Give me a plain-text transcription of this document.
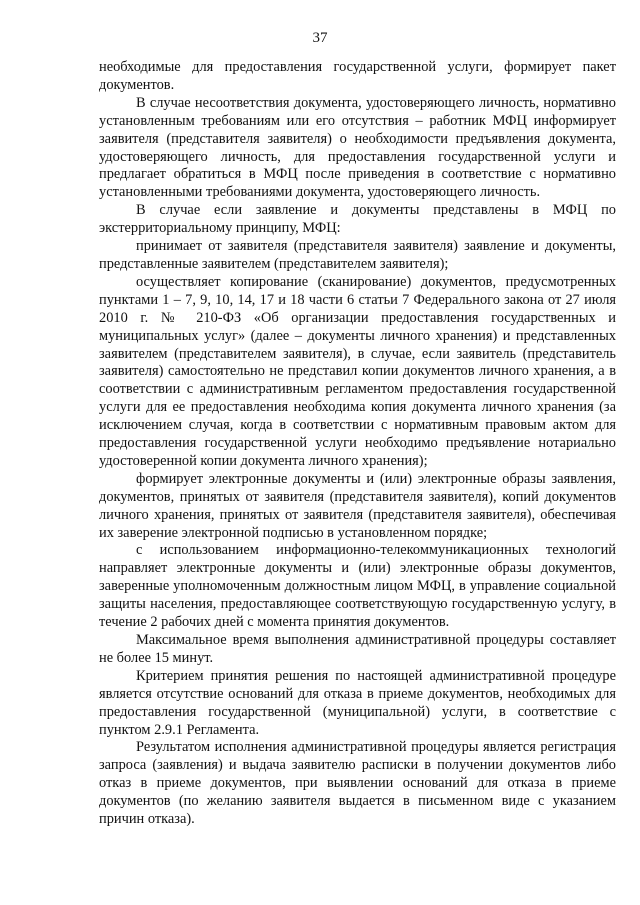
37

необходимые для предоставления государственной услуги, формирует пакет документов.

В случае несоответствия документа, удостоверяющего личность, нормативно установленным требованиям или его отсутствия – работник МФЦ информирует заявителя (представителя заявителя) о необходимости предъявления документа, удостоверяющего личность, для предоставления государственной услуги и предлагает обратиться в МФЦ после приведения в соответствие с нормативно установленными требованиями документа, удостоверяющего личность.

В случае если заявление и документы представлены в МФЦ по экстерриториальному принципу, МФЦ:

принимает от заявителя (представителя заявителя) заявление и документы, представленные заявителем (представителем заявителя);

осуществляет копирование (сканирование) документов, предусмотренных пунктами 1 – 7, 9, 10, 14, 17 и 18 части 6 статьи 7 Федерального закона от 27 июля 2010 г. № 210-ФЗ «Об организации предоставления государственных и муниципальных услуг» (далее – документы личного хранения) и представленных заявителем (представителем заявителя), в случае, если заявитель (представитель заявителя) самостоятельно не представил копии документов личного хранения, а в соответствии с административным регламентом предоставления государственной услуги для ее предоставления необходима копия документа личного хранения (за исключением случая, когда в соответствии с нормативным правовым актом для предоставления государственной услуги необходимо предъявление нотариально удостоверенной копии документа личного хранения);

формирует электронные документы и (или) электронные образы заявления, документов, принятых от заявителя (представителя заявителя), копий документов личного хранения, принятых от заявителя (представителя заявителя), обеспечивая их заверение электронной подписью в установленном порядке;

с использованием информационно-телекоммуникационных технологий направляет электронные документы и (или) электронные образы документов, заверенные уполномоченным должностным лицом МФЦ, в управление социальной защиты населения, предоставляющее соответствующую государственную услугу, в течение 2 рабочих дней с момента принятия документов.

Максимальное время выполнения административной процедуры составляет не более 15 минут.

Критерием принятия решения по настоящей административной процедуре является отсутствие оснований для отказа в приеме документов, необходимых для предоставления государственной (муниципальной) услуги, в соответствие с пунктом 2.9.1 Регламента.

Результатом исполнения административной процедуры является регистрация запроса (заявления) и выдача заявителю расписки в получении документов либо отказ в приеме документов, при выявлении оснований для отказа в приеме документов (по желанию заявителя выдается в письменном виде с указанием причин отказа).
